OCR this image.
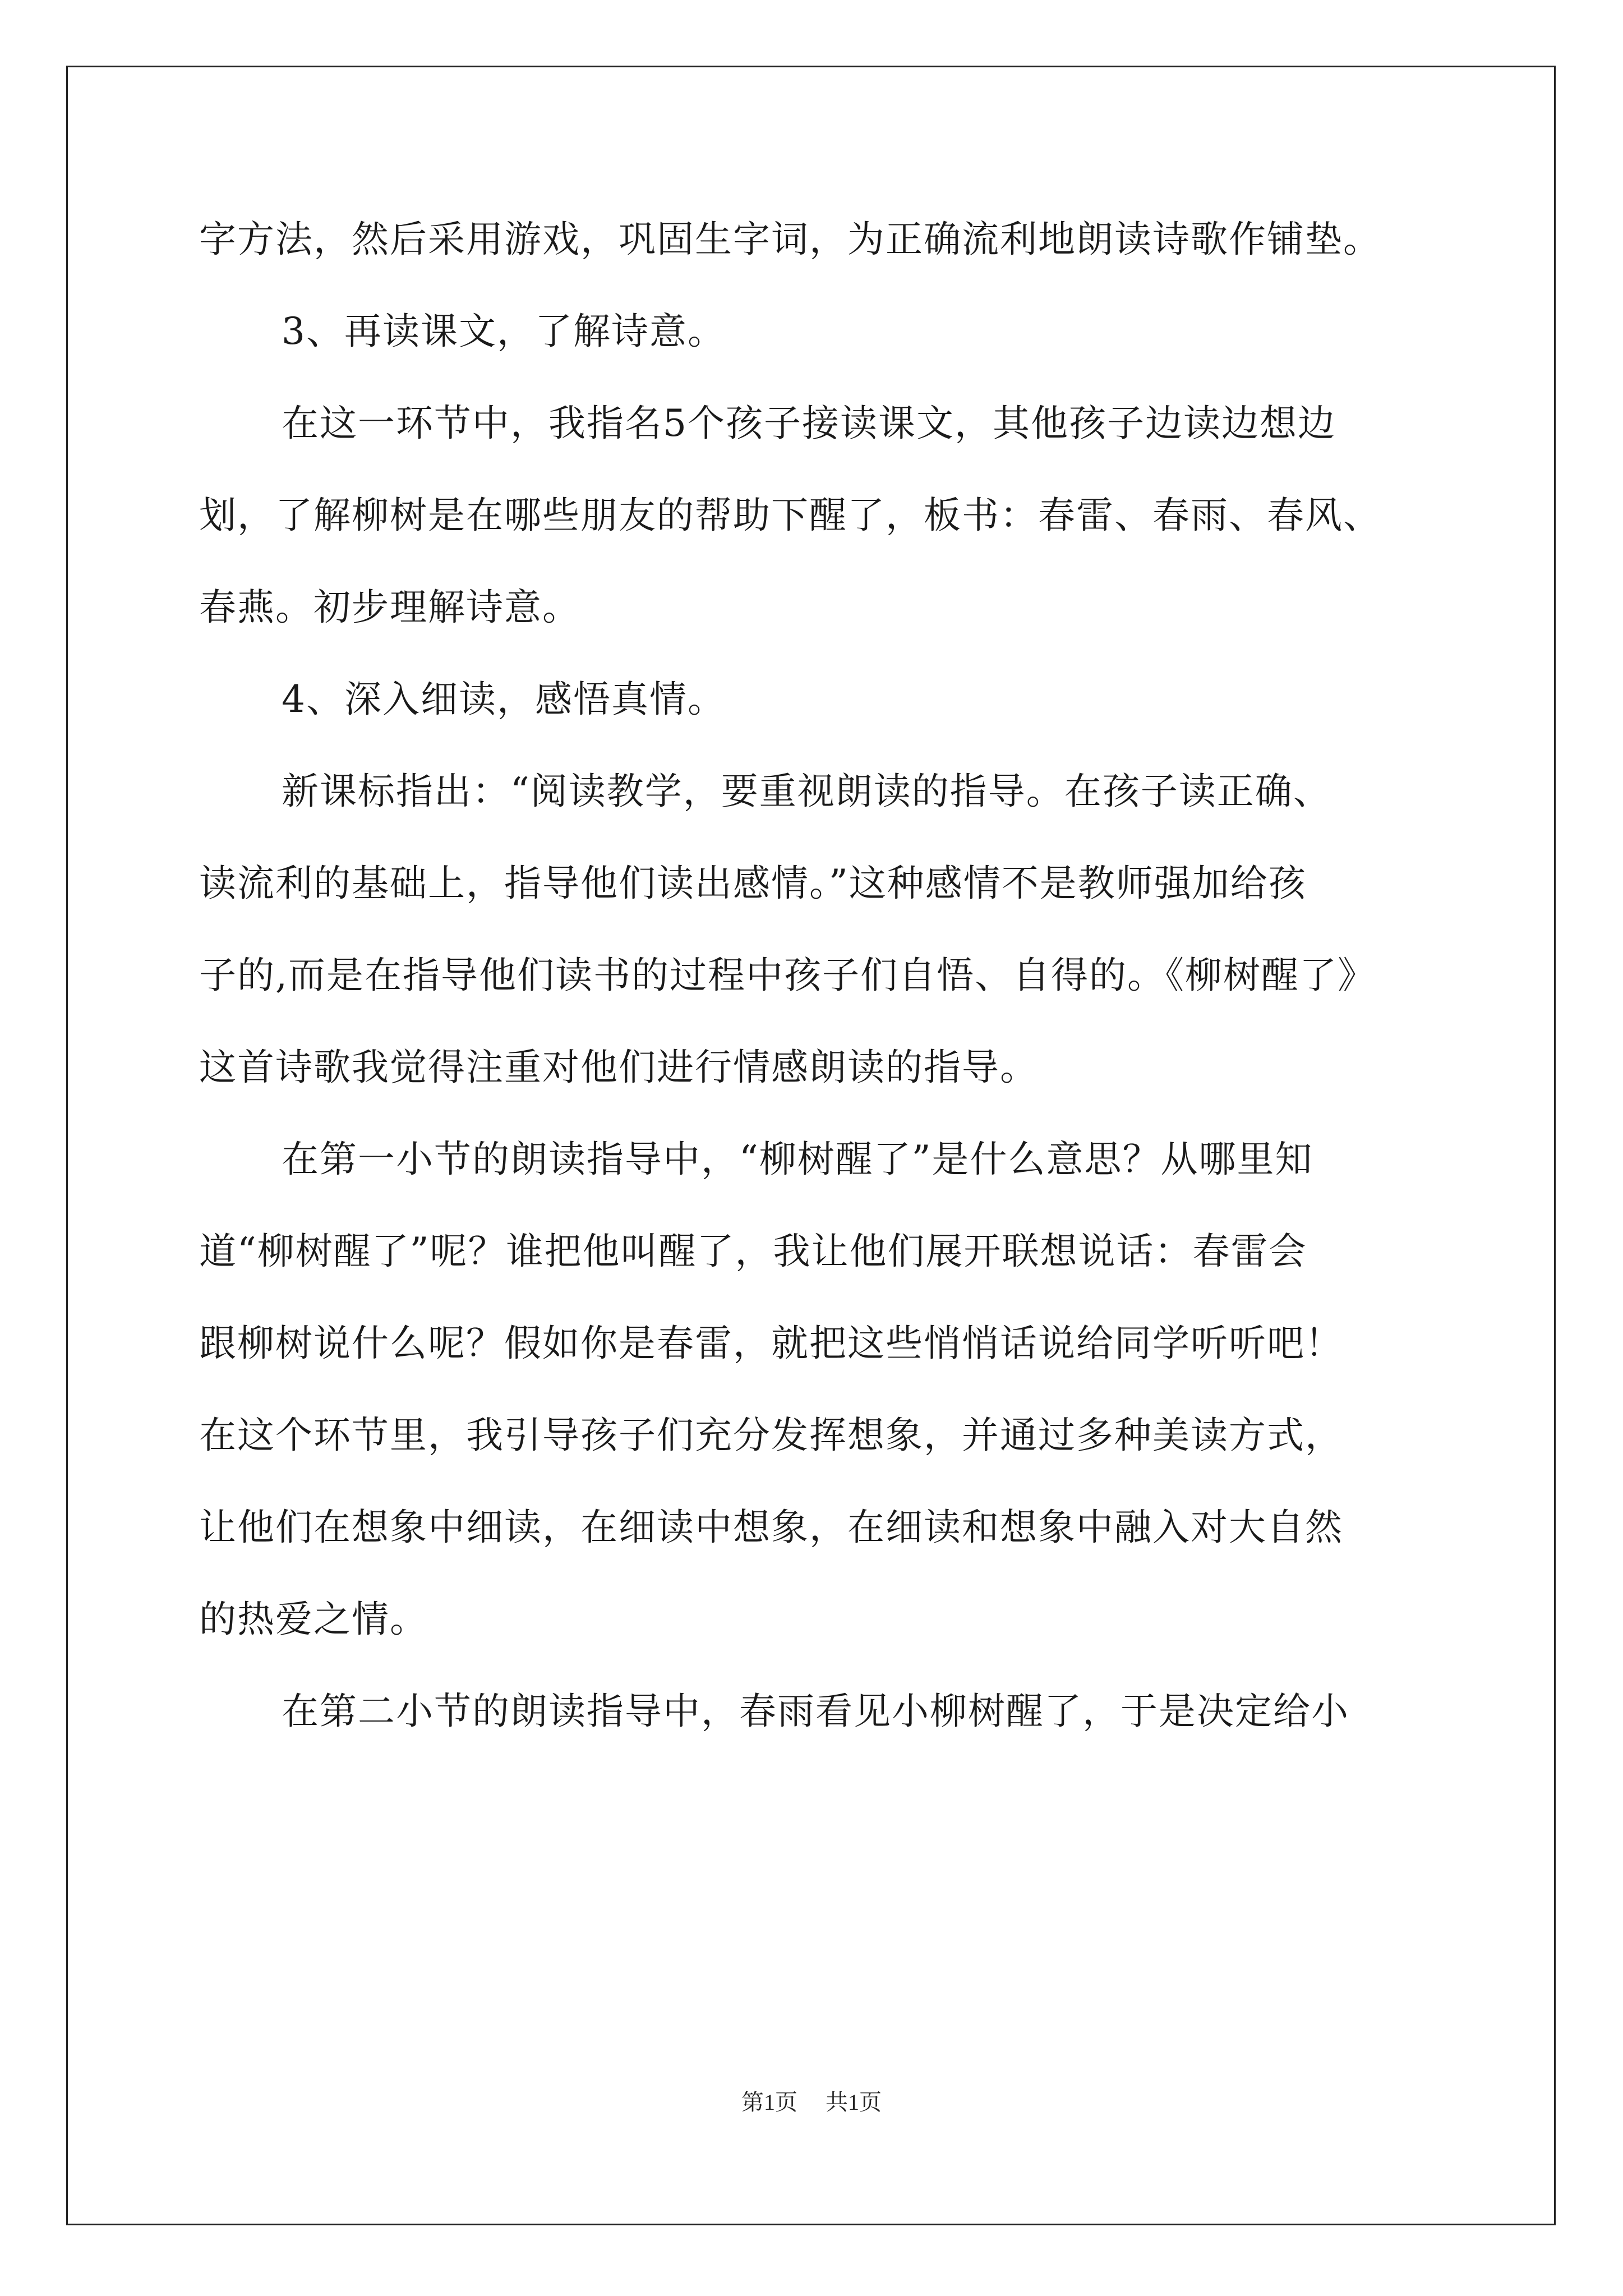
字方法，然后采用游戏，巩固生字词，为正确流利地朗读诗歌作铺垫。
3、再读课文，了解诗意。
在这一环节中，我指名5个孩子接读课文，其他孩子边读边想边
划，了解柳树是在哪些朋友的帮助下醒了，板书：春雷、春雨、春风、
春燕。初步理解诗意。
4、深入细读，感悟真情。
新课标指出：“阅读教学，要重视朗读的指导。在孩子读正确、
读流利的基础上，指导他们读出感情。”这种感情不是教师强加给孩
子的,而是在指导他们读书的过程中孩子们自悟、自得的。《柳树醒了》
这首诗歌我觉得注重对他们进行情感朗读的指导。
在第一小节的朗读指导中，“柳树醒了”是什么意思？从哪里知
道“柳树醒了”呢？谁把他叫醒了，我让他们展开联想说话：春雷会
跟柳树说什么呢？假如你是春雷，就把这些悄悄话说给同学听听吧！
在这个环节里，我引导孩子们充分发挥想象，并通过多种美读方式，
让他们在想象中细读，在细读中想象，在细读和想象中融入对大自然
的热爱之情。
在第二小节的朗读指导中，春雨看见小柳树醒了，于是决定给小
第1页 共1页
